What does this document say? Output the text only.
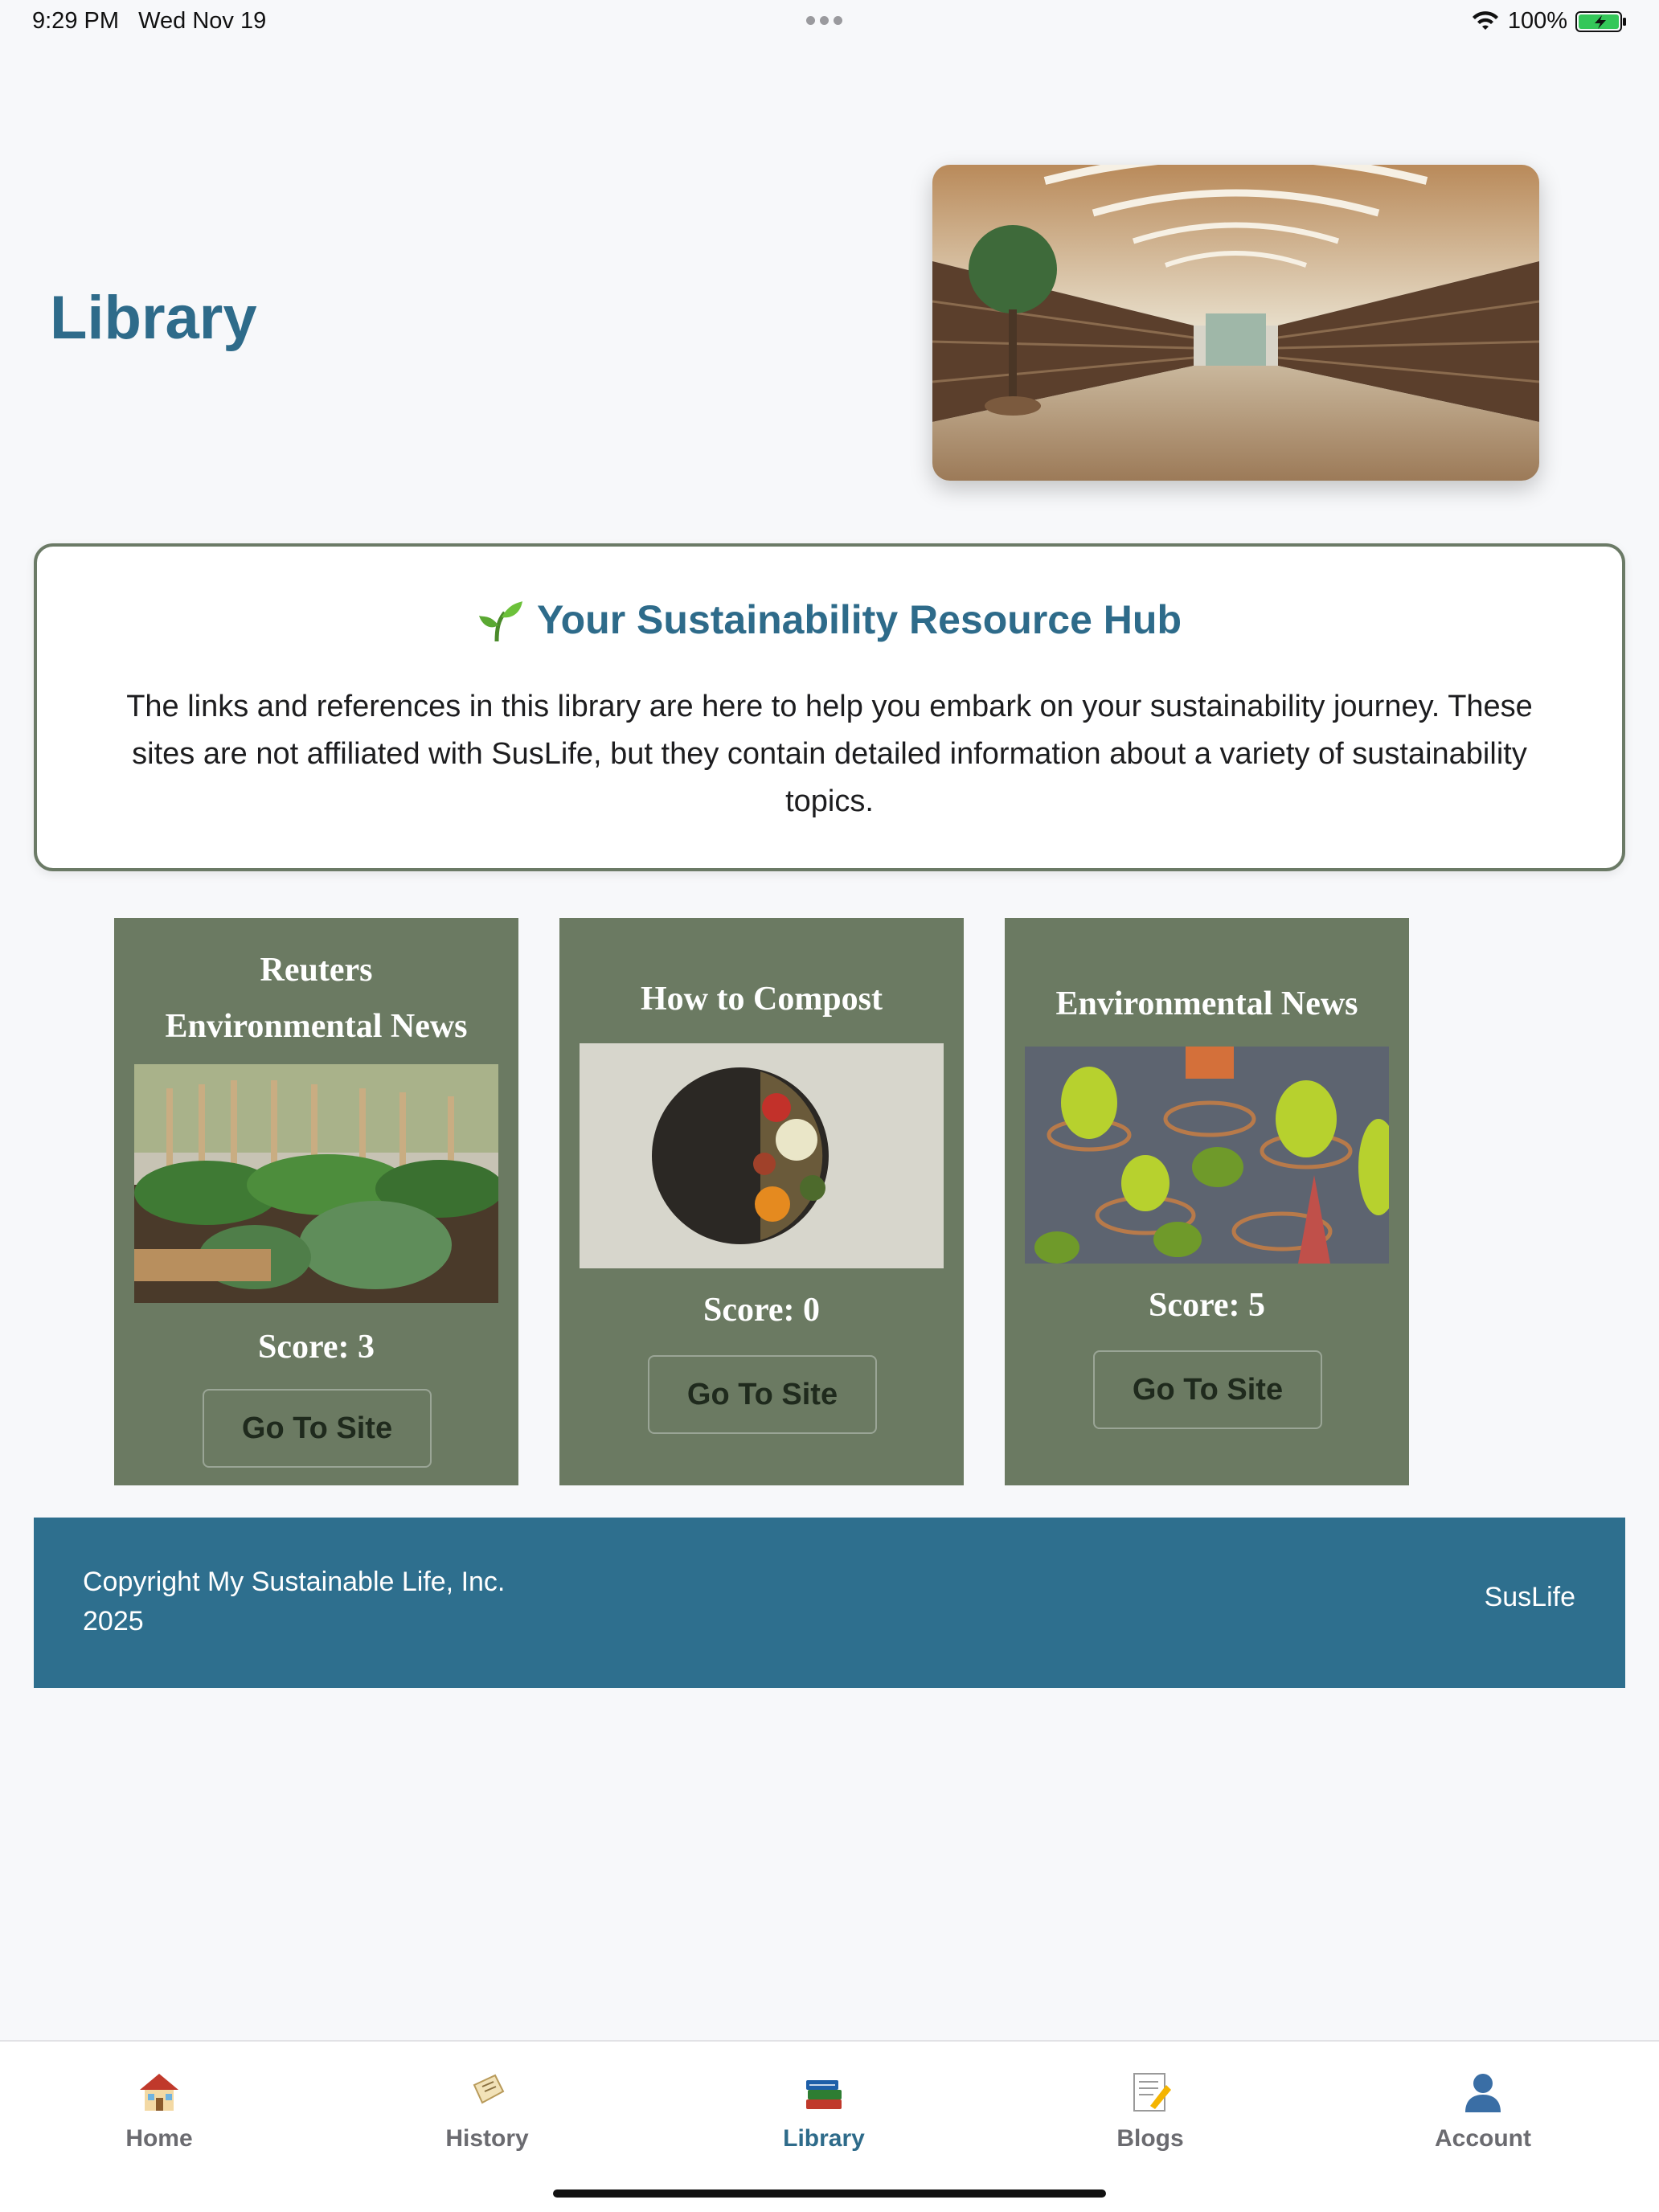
9:29 PM Wed Nov 19	100%
Library
Your Sustainability Resource Hub

The links and references in this library are here to help you embark on your sustainability journey. These sites are not affiliated with SusLife, but they contain detailed information about a variety of sustainability topics.

Reuters
Environmental News
Score: 3
Go To Site
How to Compost
Score: 0
Go To Site
Environmental News
Score: 5
Go To Site
Copyright My Sustainable Life, Inc. 2025
SusLife
Home	History	Library	Blogs	Account
